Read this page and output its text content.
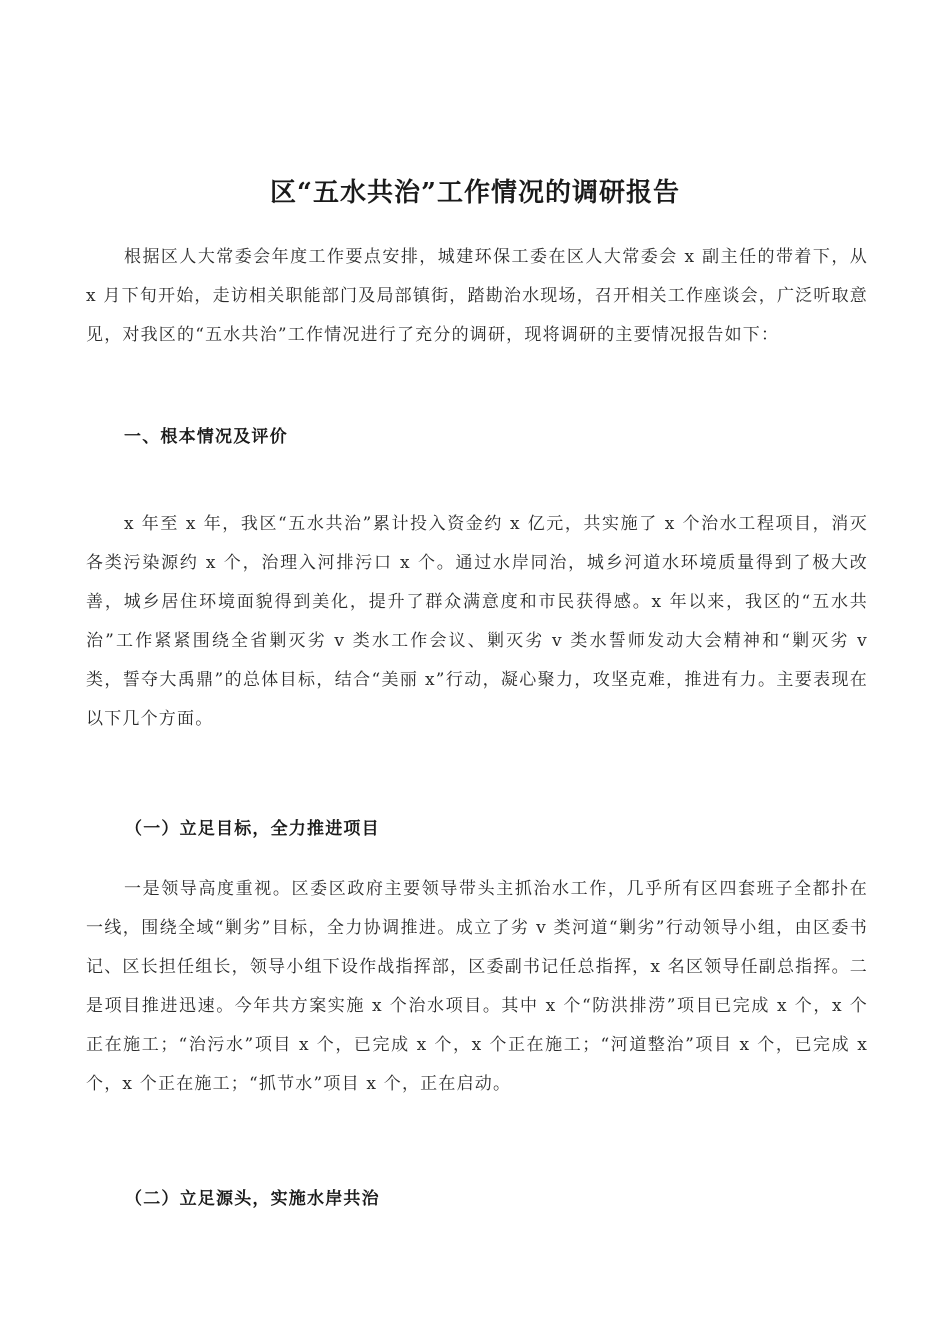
区“五水共治”工作情况的调研报告

根据区人大常委会年度工作要点安排，城建环保工委在区人大常委会 x 副主任的带着下，从 x 月下旬开始，走访相关职能部门及局部镇街，踏勘治水现场，召开相关工作座谈会，广泛听取意见，对我区的“五水共治”工作情况进行了充分的调研，现将调研的主要情况报告如下：

一、根本情况及评价

x 年至 x 年，我区“五水共治”累计投入资金约 x 亿元，共实施了 x 个治水工程项目，消灭各类污染源约 x 个，治理入河排污口 x 个。通过水岸同治，城乡河道水环境质量得到了极大改善，城乡居住环境面貌得到美化，提升了群众满意度和市民获得感。x 年以来，我区的“五水共治”工作紧紧围绕全省剿灭劣 v 类水工作会议、剿灭劣 v 类水誓师发动大会精神和“剿灭劣 v 类，誓夺大禹鼎”的总体目标，结合“美丽 x”行动，凝心聚力，攻坚克难，推进有力。主要表现在以下几个方面。

（一）立足目标，全力推进项目

一是领导高度重视。区委区政府主要领导带头主抓治水工作，几乎所有区四套班子全都扑在一线，围绕全域“剿劣”目标，全力协调推进。成立了劣 v 类河道“剿劣”行动领导小组，由区委书记、区长担任组长，领导小组下设作战指挥部，区委副书记任总指挥，x 名区领导任副总指挥。二是项目推进迅速。今年共方案实施 x 个治水项目。其中 x 个“防洪排涝”项目已完成 x 个，x 个正在施工；“治污水”项目 x 个，已完成 x 个，x 个正在施工；“河道整治”项目 x 个，已完成 x 个，x 个正在施工；“抓节水”项目 x 个，正在启动。

（二）立足源头，实施水岸共治
